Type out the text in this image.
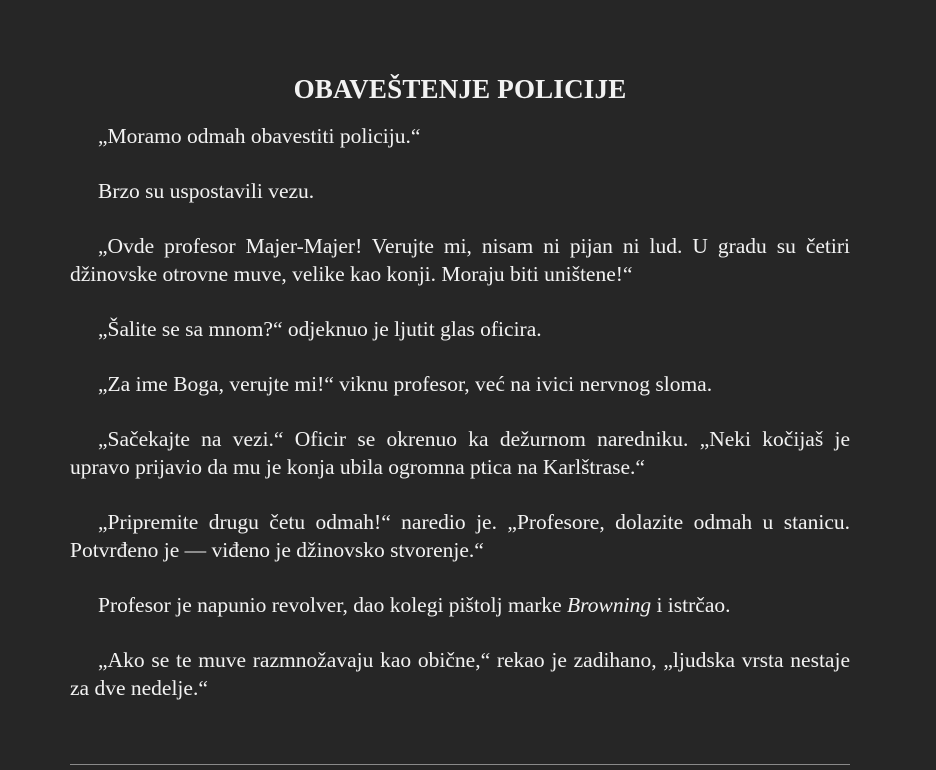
OBAVEŠTENJE POLICIJE

„Moramo odmah obavestiti policiju.“

Brzo su uspostavili vezu.

„Ovde profesor Majer-Majer! Verujte mi, nisam ni pijan ni lud. U gradu su četiri džinovske otrovne muve, velike kao konji. Moraju biti uništene!“

„Šalite se sa mnom?“ odjeknuo je ljutit glas oficira.

„Za ime Boga, verujte mi!“ viknu profesor, već na ivici nervnog sloma.

„Sačekajte na vezi.“ Oficir se okrenuo ka dežurnom naredniku. „Neki kočijaš je upravo prijavio da mu je konja ubila ogromna ptica na Karlštrase.“

„Pripremite drugu četu odmah!“ naredio je. „Profesore, dolazite odmah u stanicu. Potvrđeno je — viđeno je džinovsko stvorenje.“

Profesor je napunio revolver, dao kolegi pištolj marke Browning i istrčao.

„Ako se te muve razmnožavaju kao obične,“ rekao je zadihano, „ljudska vrsta nestaje za dve nedelje.“
